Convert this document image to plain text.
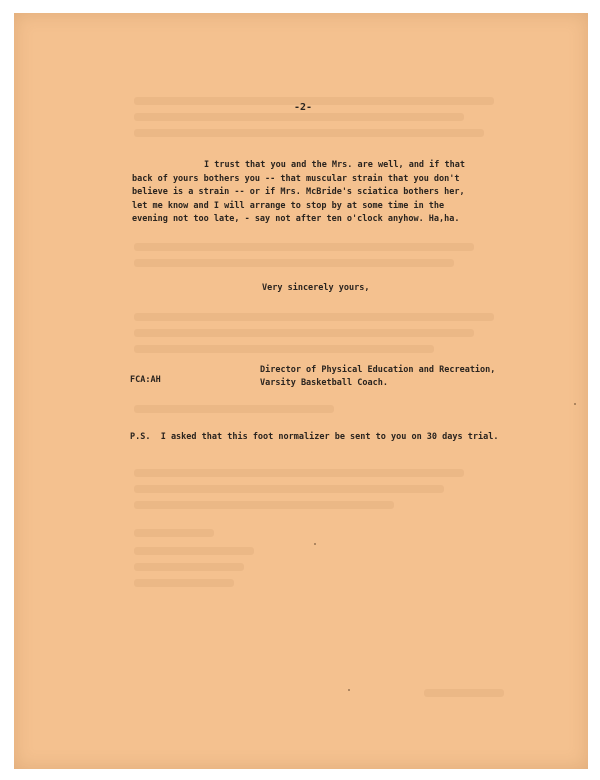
-2-

I trust that you and the Mrs. are well, and if that

back of yours bothers you -- that muscular strain that you don't

believe is a strain -- or if Mrs. McBride's sciatica bothers her,

let me know and I will arrange to stop by at some time in the

evening not too late, - say not after ten o'clock anyhow. Ha,ha.

Very sincerely yours,
Director of Physical Education and Recreation,
FCA:AH	Varsity Basketball Coach.
P.S.  I asked that this foot normalizer be sent to you on 30 days trial.
